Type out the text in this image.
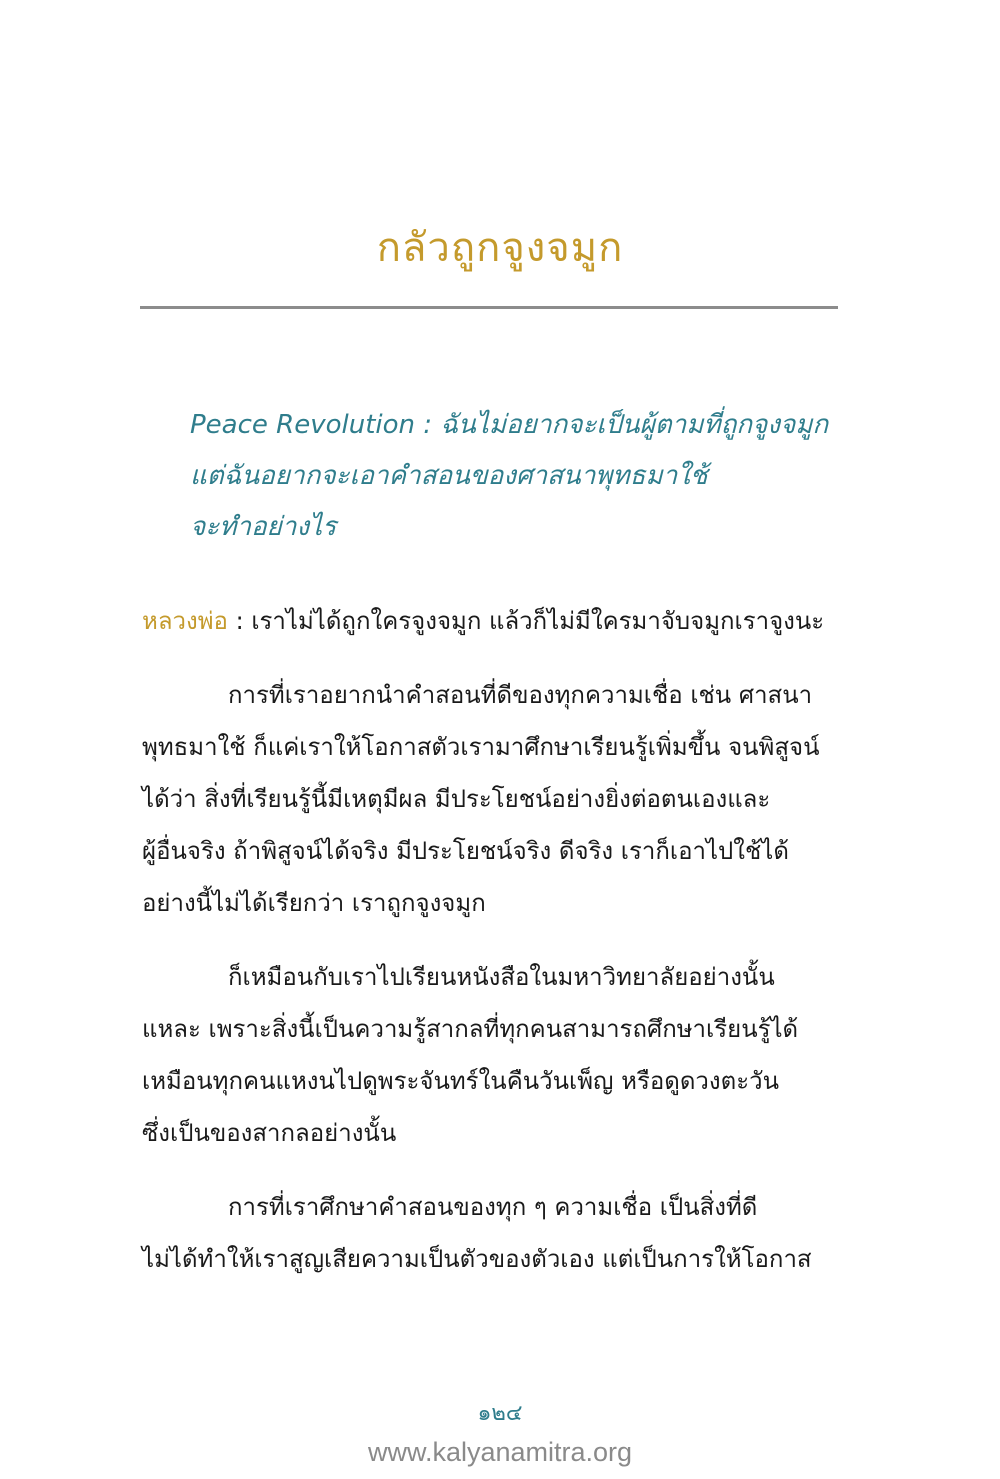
กลัวถูกจูงจมูก
Peace Revolution : ฉันไม่อยากจะเป็นผู้ตามที่ถูกจูงจมูก
แต่ฉันอยากจะเอาคำสอนของศาสนาพุทธมาใช้
จะทำอย่างไร
หลวงพ่อ : เราไม่ได้ถูกใครจูงจมูก แล้วก็ไม่มีใครมาจับจมูกเราจูงนะ
การที่เราอยากนำคำสอนที่ดีของทุกความเชื่อ เช่น ศาสนา
พุทธมาใช้ ก็แค่เราให้โอกาสตัวเรามาศึกษาเรียนรู้เพิ่มขึ้น จนพิสูจน์
ได้ว่า สิ่งที่เรียนรู้นี้มีเหตุมีผล มีประโยชน์อย่างยิ่งต่อตนเองและ
ผู้อื่นจริง ถ้าพิสูจน์ได้จริง มีประโยชน์จริง ดีจริง เราก็เอาไปใช้ได้
อย่างนี้ไม่ได้เรียกว่า เราถูกจูงจมูก
ก็เหมือนกับเราไปเรียนหนังสือในมหาวิทยาลัยอย่างนั้น
แหละ เพราะสิ่งนี้เป็นความรู้สากลที่ทุกคนสามารถศึกษาเรียนรู้ได้
เหมือนทุกคนแหงนไปดูพระจันทร์ในคืนวันเพ็ญ หรือดูดวงตะวัน
ซึ่งเป็นของสากลอย่างนั้น
การที่เราศึกษาคำสอนของทุก ๆ ความเชื่อ เป็นสิ่งที่ดี
ไม่ได้ทำให้เราสูญเสียความเป็นตัวของตัวเอง แต่เป็นการให้โอกาส
๑๒๔
www.kalyanamitra.org
